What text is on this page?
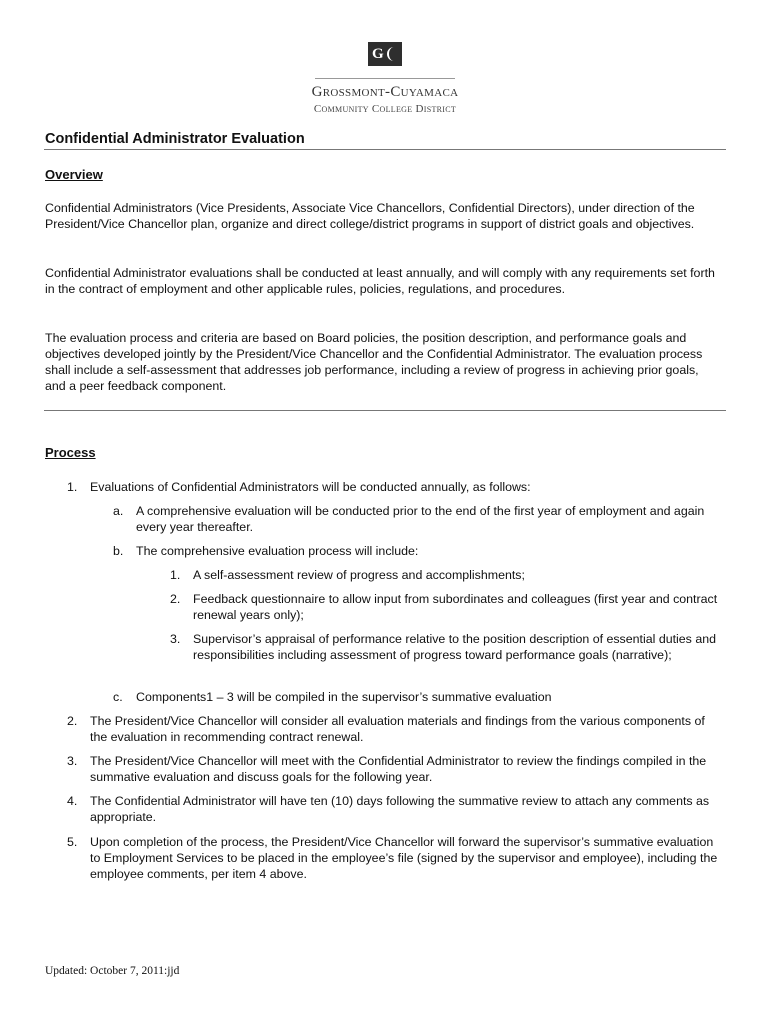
G
Grossmont-Cuyamaca
Community College District
Confidential Administrator Evaluation
Overview
Confidential Administrators (Vice Presidents, Associate Vice Chancellors, Confidential Directors), under direction of the President/Vice Chancellor plan, organize and direct college/district programs in support of district goals and objectives.
Confidential Administrator evaluations shall be conducted at least annually, and will comply with any requirements set forth in the contract of employment and other applicable rules, policies, regulations, and procedures.
The evaluation process and criteria are based on Board policies, the position description, and performance goals and objectives developed jointly by the President/Vice Chancellor and the Confidential Administrator. The evaluation process shall include a self-assessment that addresses job performance, including a review of progress in achieving prior goals, and a peer feedback component.
Process
1. Evaluations of Confidential Administrators will be conducted annually, as follows:
a. A comprehensive evaluation will be conducted prior to the end of the first year of employment and again every year thereafter.
b. The comprehensive evaluation process will include:
1. A self-assessment review of progress and accomplishments;
2. Feedback questionnaire to allow input from subordinates and colleagues (first year and contract renewal years only);
3. Supervisor’s appraisal of performance relative to the position description of essential duties and responsibilities including assessment of progress toward performance goals (narrative);
c. Components1 – 3 will be compiled in the supervisor’s summative evaluation
2. The President/Vice Chancellor will consider all evaluation materials and findings from the various components of the evaluation in recommending contract renewal.
3. The President/Vice Chancellor will meet with the Confidential Administrator to review the findings compiled in the summative evaluation and discuss goals for the following year.
4. The Confidential Administrator will have ten (10) days following the summative review to attach any comments as appropriate.
5. Upon completion of the process, the President/Vice Chancellor will forward the supervisor’s summative evaluation to Employment Services to be placed in the employee’s file (signed by the supervisor and employee), including the employee comments, per item 4 above.
Updated: October 7, 2011:jjd
